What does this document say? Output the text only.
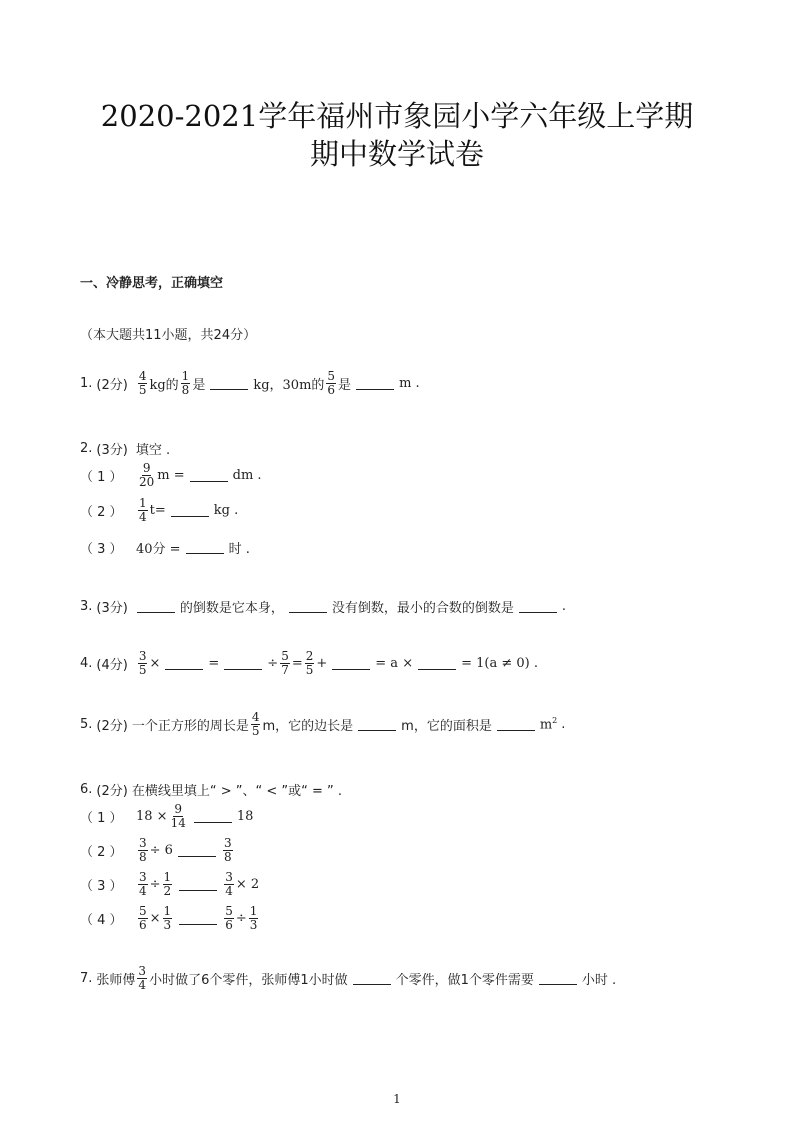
2020-2021学年福州市象园小学六年级上学期
期中数学试卷
一、冷静思考，正确填空
（本大题共11小题，共24分）
1. (2分) $\frac{4}{5}$ kg的 $\frac{1}{8}$ 是	kg，30m的 $\frac{5}{6}$ 是	m .
2. (3分) 填空 .
（ 1 ）	$\frac{9}{20}$ m =	dm .
（ 2 ）	$\frac{1}{4} t=$	kg .
（ 3 ）	40分 =	时 .
3. (3分)	的倒数是它本身，	没有倒数，最小的合数的倒数是	.
4. (4分) $\frac{3}{5}$ ×	=	÷ $\frac{5}{7} = \frac{2}{5}$ +	= a ×	= 1(a ≠ 0) .
5. (2分) 一个正方形的周长是 $\frac{4}{5}$ m，它的边长是	m，它的面积是	$m^2$ .
6. (2分) 在横线里填上“ > ”、“ < ”或“ = ” .
（ 1 ）	$18 \times \frac{9}{14}$	18
（ 2 ）	$\frac{3}{8} \div 6$	$\frac{3}{8}$
（ 3 ）	$\frac{3}{4} \div \frac{1}{2}$	$\frac{3}{4} \times 2$
（ 4 ）	$\frac{5}{6} \times \frac{1}{3}$	$\frac{5}{6} \div \frac{1}{3}$
7. 张师傅 $\frac{3}{4}$ 小时做了6个零件，张师傅1小时做	个零件，做1个零件需要	小时 .
1
